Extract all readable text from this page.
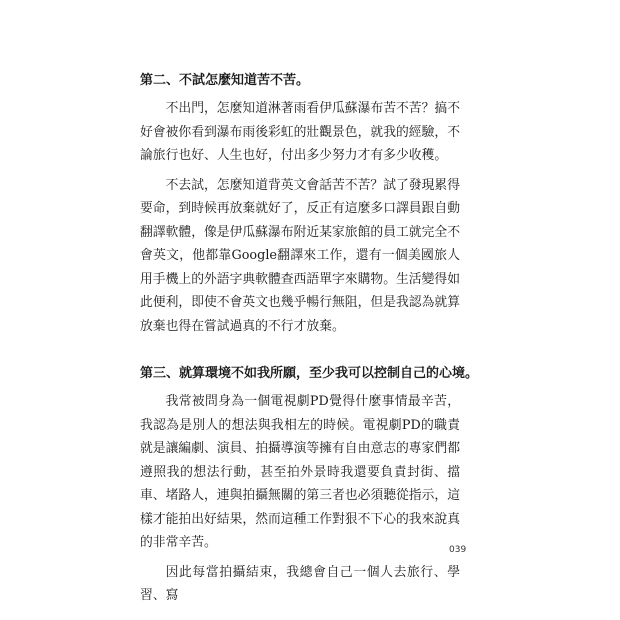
第二、不試怎麼知道苦不苦。

不出門，怎麼知道淋著雨看伊瓜蘇瀑布苦不苦？搞不好會被你看到瀑布雨後彩虹的壯觀景色，就我的經驗，不論旅行也好、人生也好，付出多少努力才有多少收穫。

不去試，怎麼知道背英文會話苦不苦？試了發現累得要命，到時候再放棄就好了，反正有這麼多口譯員跟自動翻譯軟體，像是伊瓜蘇瀑布附近某家旅館的員工就完全不會英文，他都靠Google翻譯來工作，還有一個美國旅人用手機上的外語字典軟體查西語單字來購物。生活變得如此便利，即使不會英文也幾乎暢行無阻，但是我認為就算放棄也得在嘗試過真的不行才放棄。

第三、就算環境不如我所願，至少我可以控制自己的心境。

我常被問身為一個電視劇PD覺得什麼事情最辛苦，我認為是別人的想法與我相左的時候。電視劇PD的職責就是讓編劇、演員、拍攝導演等擁有自由意志的專家們都遵照我的想法行動，甚至拍外景時我還要負責封街、擋車、堵路人，連與拍攝無關的第三者也必須聽從指示，這樣才能拍出好結果，然而這種工作對狠不下心的我來說真的非常辛苦。

因此每當拍攝結束，我總會自己一個人去旅行、學習、寫

039
